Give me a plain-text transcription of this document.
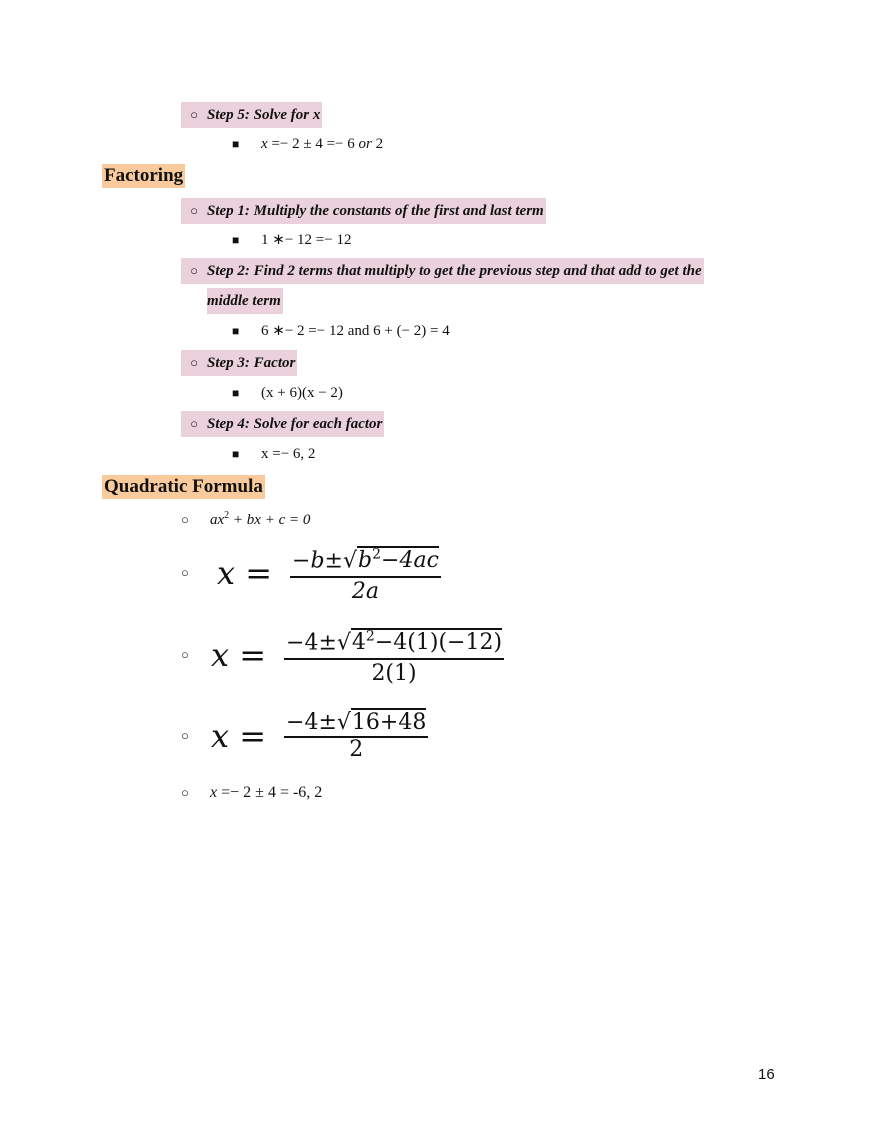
○ Step 5: Solve for x
■ x =− 2 ± 4 =− 6 or 2
Factoring
○ Step 1: Multiply the constants of the first and last term
■ 1 ∗− 12 =− 12
○ Step 2: Find 2 terms that multiply to get the previous step and that add to get the
middle term
■ 6 ∗− 2 =− 12 and 6 + (− 2) = 4
○ Step 3: Factor
■ (x + 6)(x − 2)
○ Step 4: Solve for each factor
■ x =− 6, 2
Quadratic Formula
○ $ax^2$ + bx + c = 0
○ $x = \frac{-b\pm√b^2-4ac}{2a}$
○ $x = \frac{-4\pm√4^2-4(1)(-12)}{2(1)}$
○ $x = \frac{-4\pm√16+48}{2}$
○ x =− 2 ± 4 = -6, 2
16
